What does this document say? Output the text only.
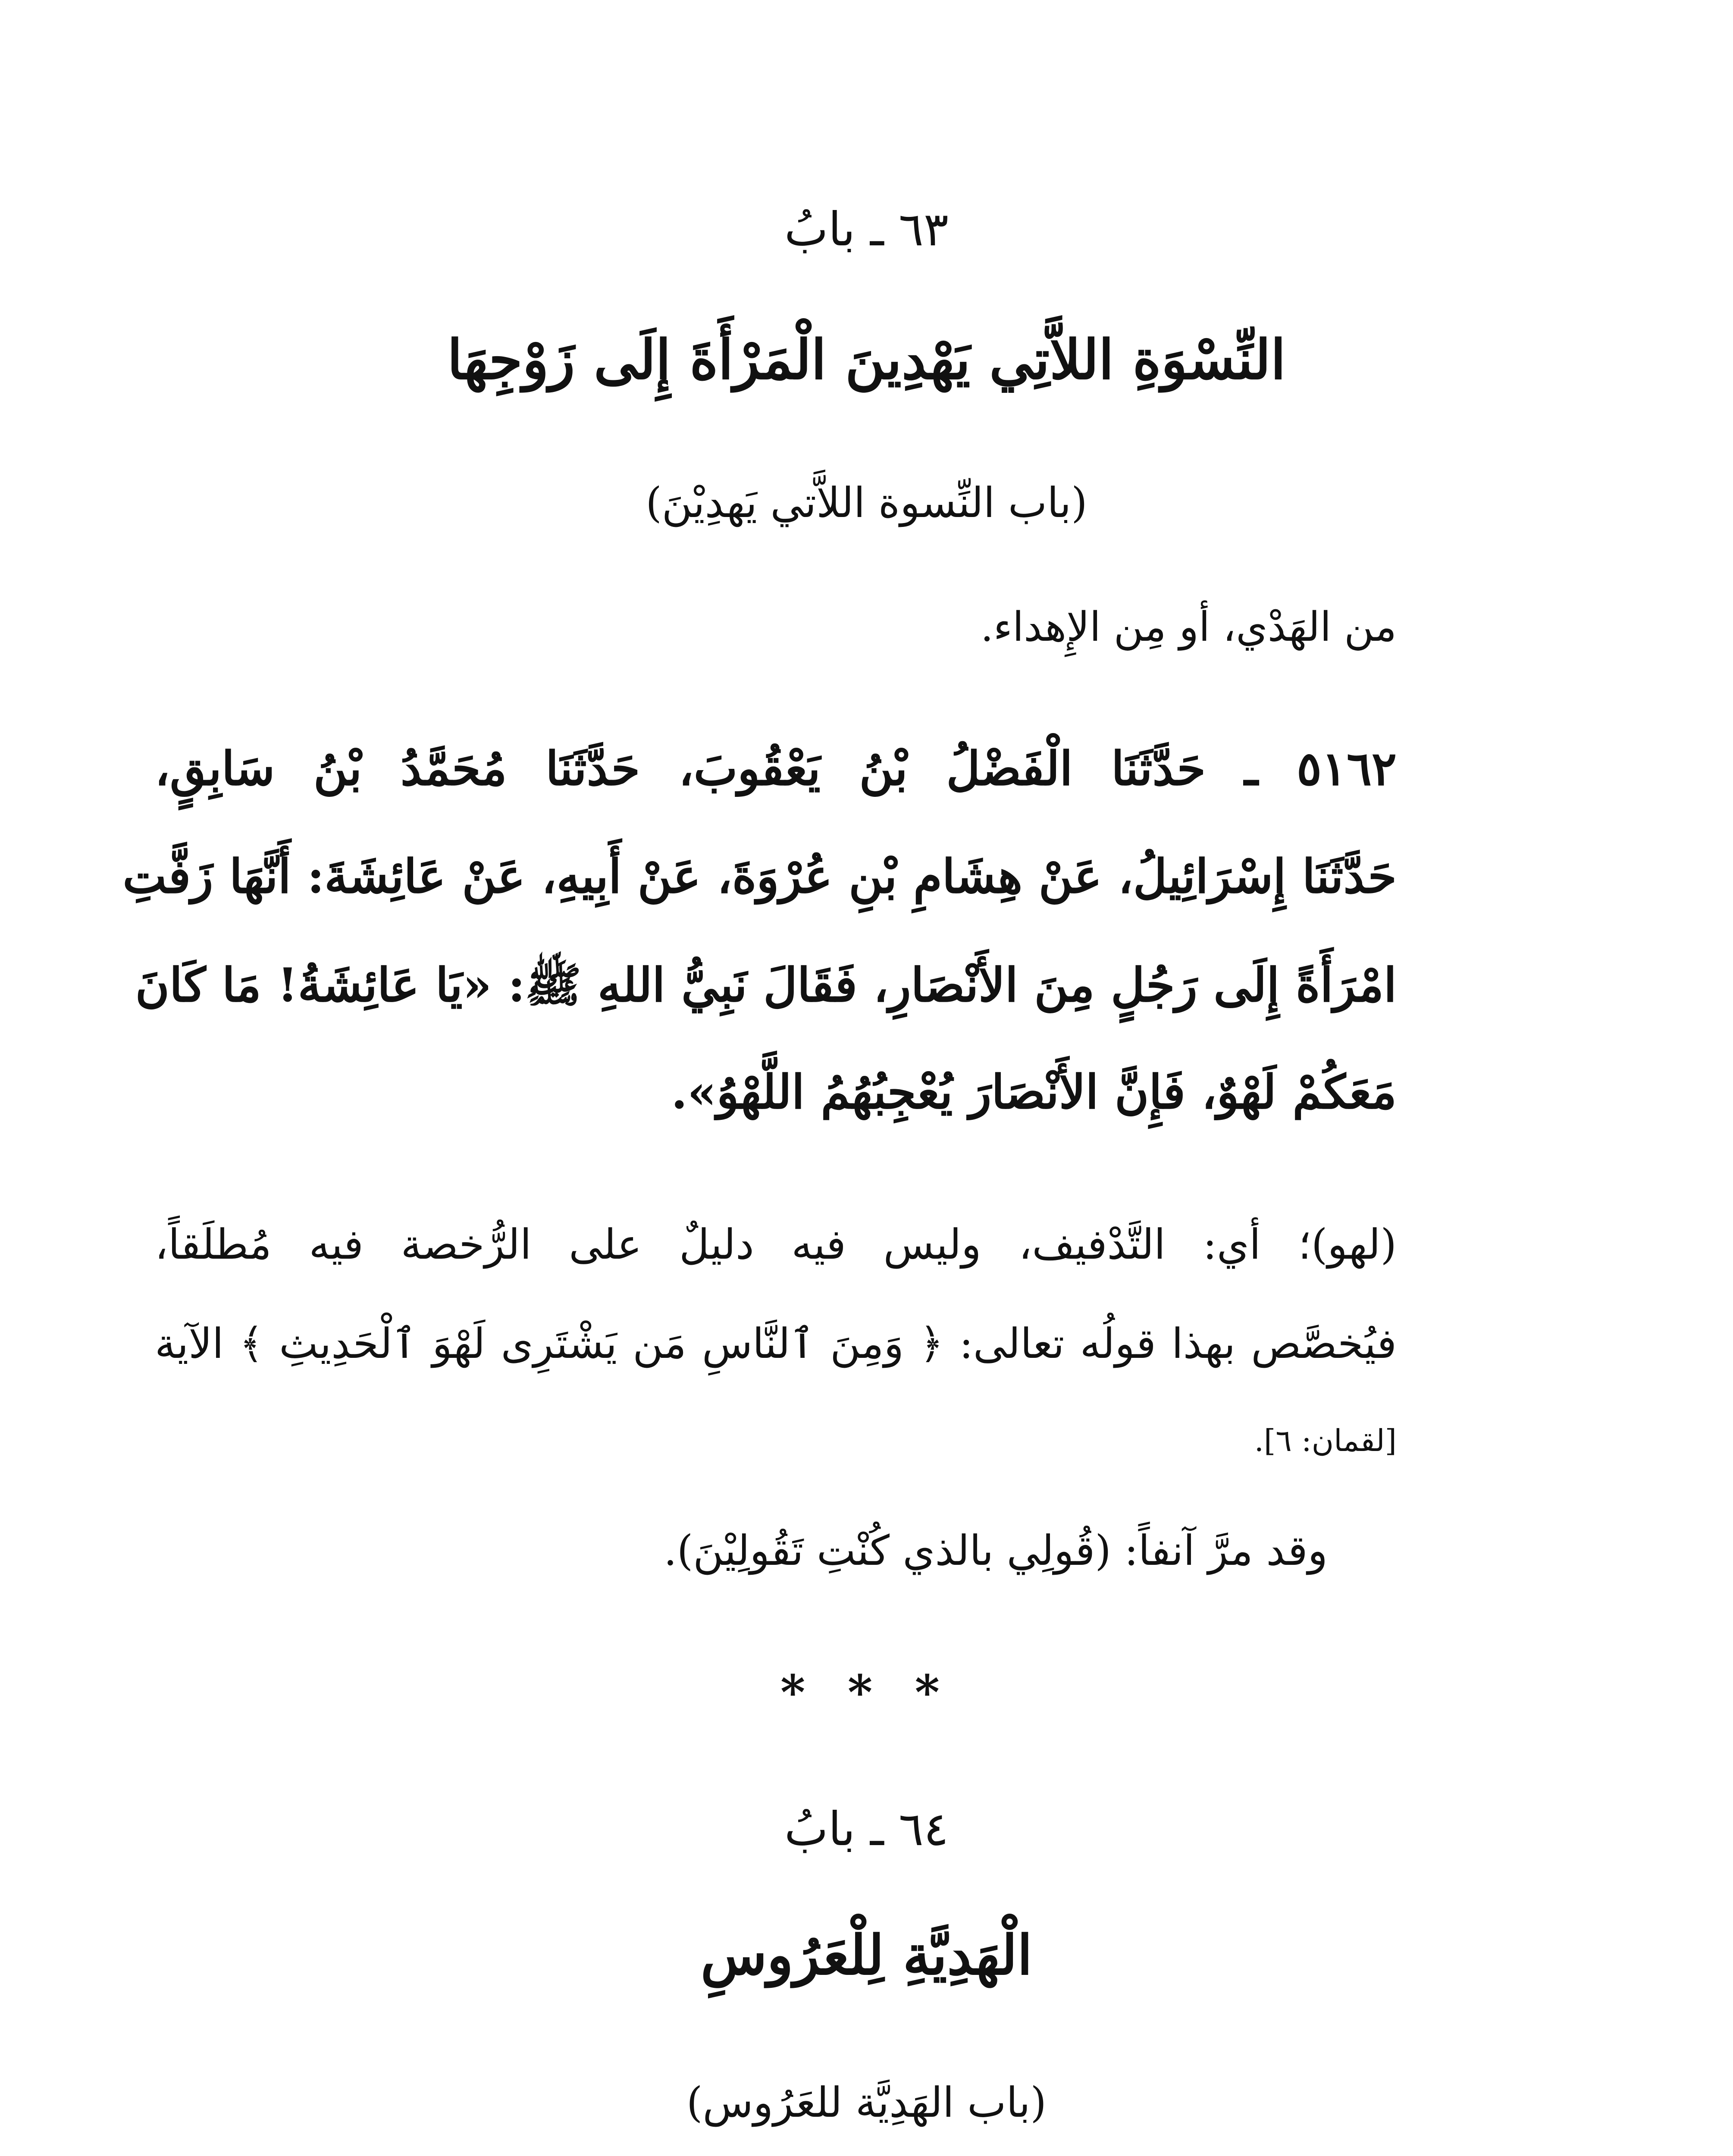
٦٣ ـ بابُ
النِّسْوَةِ اللاَّتِي يَهْدِينَ الْمَرْأَةَ إِلَى زَوْجِهَا
(باب النِّسوة اللاَّتي يَهدِيْنَ)
من الهَدْي، أو مِن الإِهداء.
٥١٦٢ ـ حَدَّثَنَا الْفَضْلُ بْنُ يَعْقُوبَ، حَدَّثَنَا مُحَمَّدُ بْنُ سَابِقٍ،
حَدَّثَنَا إِسْرَائِيلُ، عَنْ هِشَامِ بْنِ عُرْوَةَ، عَنْ أَبِيهِ، عَنْ عَائِشَةَ: أَنَّهَا زَفَّتِ
امْرَأَةً إِلَى رَجُلٍ مِنَ الأَنْصَارِ، فَقَالَ نَبِيُّ اللهِ ﷺ: «يَا عَائِشَةُ! مَا كَانَ
مَعَكُمْ لَهْوٌ، فَإِنَّ الأَنْصَارَ يُعْجِبُهُمُ اللَّهْوُ».
(لهو)؛ أي: التَّدْفيف، وليس فيه دليلٌ على الرُّخصة فيه مُطلَقاً،
فيُخصَّص بهذا قولُه تعالى: ﴿ وَمِنَ ٱلنَّاسِ مَن يَشْتَرِى لَهْوَ ٱلْحَدِيثِ ﴾ الآية
[لقمان: ٦].
وقد مرَّ آنفاً: (قُولِي بالذي كُنْتِ تَقُولِيْنَ).
* * *
٦٤ ـ بابُ
الْهَدِيَّةِ لِلْعَرُوسِ
(باب الهَدِيَّة للعَرُوس)
